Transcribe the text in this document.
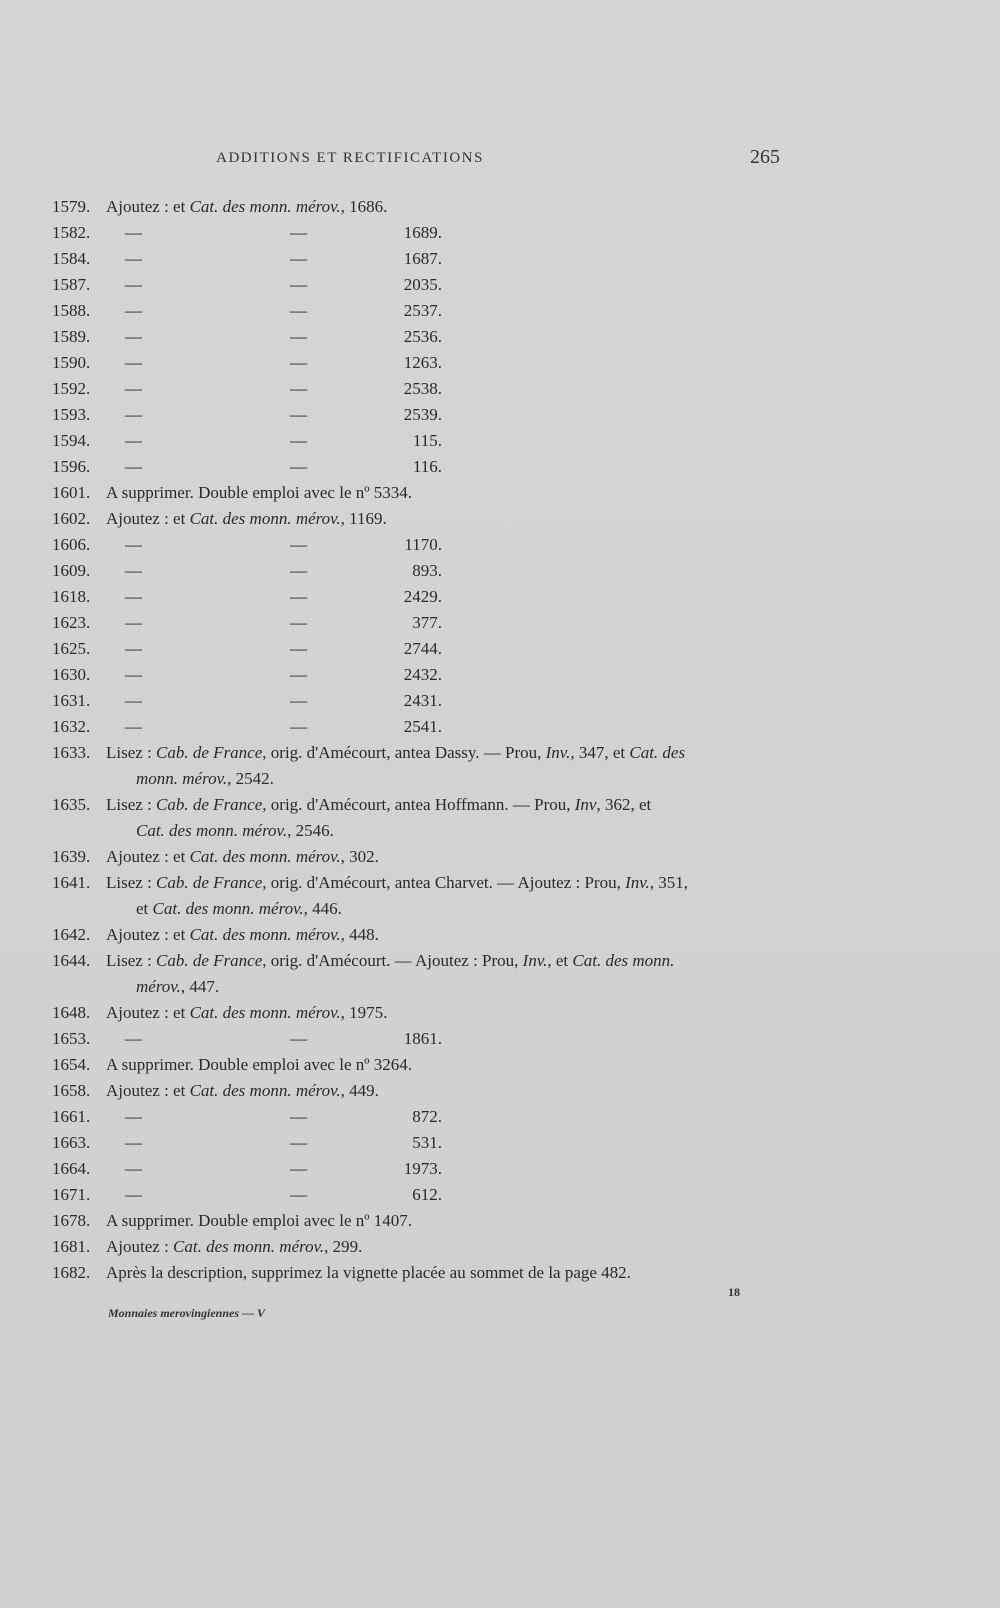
ADDITIONS ET RECTIFICATIONS	265
1579. Ajoutez : et Cat. des monn. mérov., 1686.
1582. —	—	1689.
1584. —	—	1687.
1587. —	—	2035.
1588. —	—	2537.
1589. —	—	2536.
1590. —	—	1263.
1592. —	—	2538.
1593. —	—	2539.
1594. —	—	115.
1596. —	—	116.
1601. A supprimer. Double emploi avec le nº 5334.
1602. Ajoutez : et Cat. des monn. mérov., 1169.
1606. —	—	1170.
1609. —	—	893.
1618. —	—	2429.
1623. —	—	377.
1625. —	—	2744.
1630. —	—	2432.
1631. —	—	2431.
1632. —	—	2541.
1633. Lisez : Cab. de France, orig. d'Amécourt, antea Dassy. — Prou, Inv., 347, et Cat. des
monn. mérov., 2542.
1635. Lisez : Cab. de France, orig. d'Amécourt, antea Hoffmann. — Prou, Inv, 362, et
Cat. des monn. mérov., 2546.
1639. Ajoutez : et Cat. des monn. mérov., 302.
1641. Lisez : Cab. de France, orig. d'Amécourt, antea Charvet. — Ajoutez : Prou, Inv., 351,
et Cat. des monn. mérov., 446.
1642. Ajoutez : et Cat. des monn. mérov., 448.
1644. Lisez : Cab. de France, orig. d'Amécourt. — Ajoutez : Prou, Inv., et Cat. des monn.
mérov., 447.
1648. Ajoutez : et Cat. des monn. mérov., 1975.
1653. —	—	1861.
1654. A supprimer. Double emploi avec le nº 3264.
1658. Ajoutez : et Cat. des monn. mérov., 449.
1661. —	—	872.
1663. —	—	531.
1664. —	—	1973.
1671. —	—	612.
1678. A supprimer. Double emploi avec le nº 1407.
1681. Ajoutez : Cat. des monn. mérov., 299.
1682. Après la description, supprimez la vignette placée au sommet de la page 482.
18
Monnaies merovingiennes — V
